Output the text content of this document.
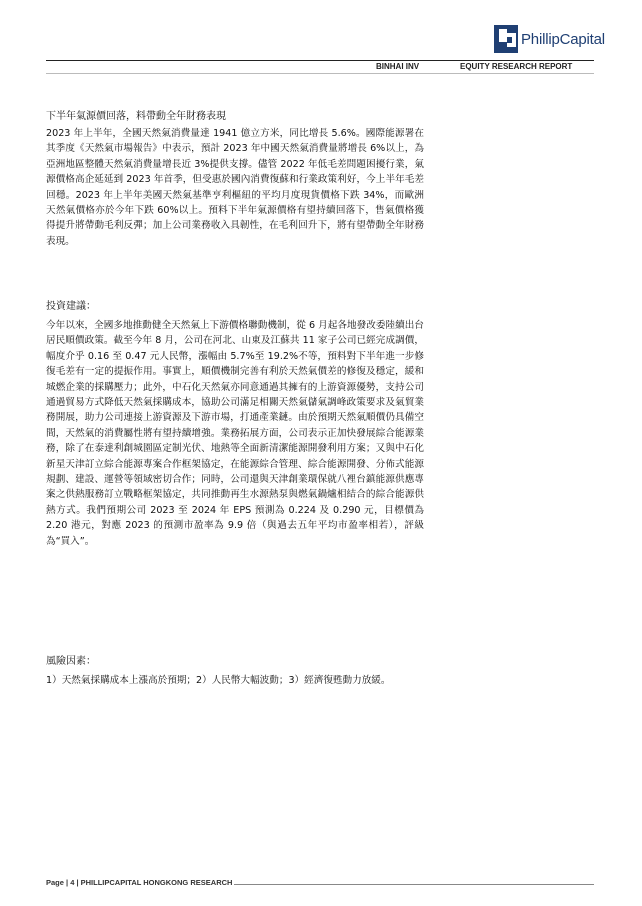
PhillipCapital
BINHAI INV	EQUITY RESEARCH REPORT

下半年氣源價回落，料帶動全年財務表現

2023 年上半年，全國天然氣消費量達 1941 億立方米，同比增長 5.6%。國際能源署在其季度《天然氣市場報告》中表示，預計 2023 年中國天然氣消費量將增長 6%以上，為亞洲地區整體天然氣消費量增長近 3%提供支撐。儘管 2022 年低毛差問題困擾行業，氣源價格高企延延到 2023 年首季，但受惠於國內消費復蘇和行業政策利好，今上半年毛差回穩。2023 年上半年美國天然氣基準亨利樞紐的平均月度現貨價格下跌 34%，而歐洲天然氣價格亦於今年下跌 60%以上。預料下半年氣源價格有望持續回落下，售氣價格獲得提升將帶動毛利反彈；加上公司業務收入具韌性，在毛利回升下，將有望帶動全年財務表現。

投資建議：

今年以來，全國多地推動健全天然氣上下游價格聯動機制，從 6 月起各地發改委陸續出台居民順價政策。截至今年 8 月，公司在河北、山東及江蘇共 11 家子公司已經完成調價，幅度介乎 0.16 至 0.47 元人民幣，漲幅由 5.7%至 19.2%不等，預料對下半年進一步修復毛差有一定的提振作用。事實上，順價機制完善有利於天然氣價差的修復及穩定，緩和城燃企業的採購壓力；此外，中石化天然氣亦同意通過其擁有的上游資源優勢，支持公司通過貿易方式降低天然氣採購成本，協助公司滿足相關天然氣儲氣調峰政策要求及氣貿業務開展，助力公司連接上游資源及下游市場，打通產業鏈。由於預期天然氣順價仍具備空間，天然氣的消費屬性將有望持續增強。業務拓展方面，公司表示正加快發展綜合能源業務，除了在泰達利創城園區定制光伏、地熱等全面新清潔能源開發利用方案；又與中石化新星天津訂立綜合能源專案合作框架協定，在能源綜合管理、綜合能源開發、分佈式能源規劃、建設、運營等領域密切合作；同時，公司還與天津創業環保就八裡台鎮能源供應專案之供熱服務訂立戰略框架協定，共同推動再生水源熱泵與燃氣鍋爐相結合的綜合能源供熱方式。我們預期公司 2023 至 2024 年 EPS 預測為 0.224 及 0.290 元，目標價為 2.20 港元，對應 2023 的預測市盈率為 9.9 倍（與過去五年平均市盈率相若），評級為“買入”。

風險因素：

1）天然氣採購成本上漲高於預期；2）人民幣大幅波動；3）經濟復甦動力放緩。

Page | 4 | PHILLIPCAPITAL HONGKONG RESEARCH
